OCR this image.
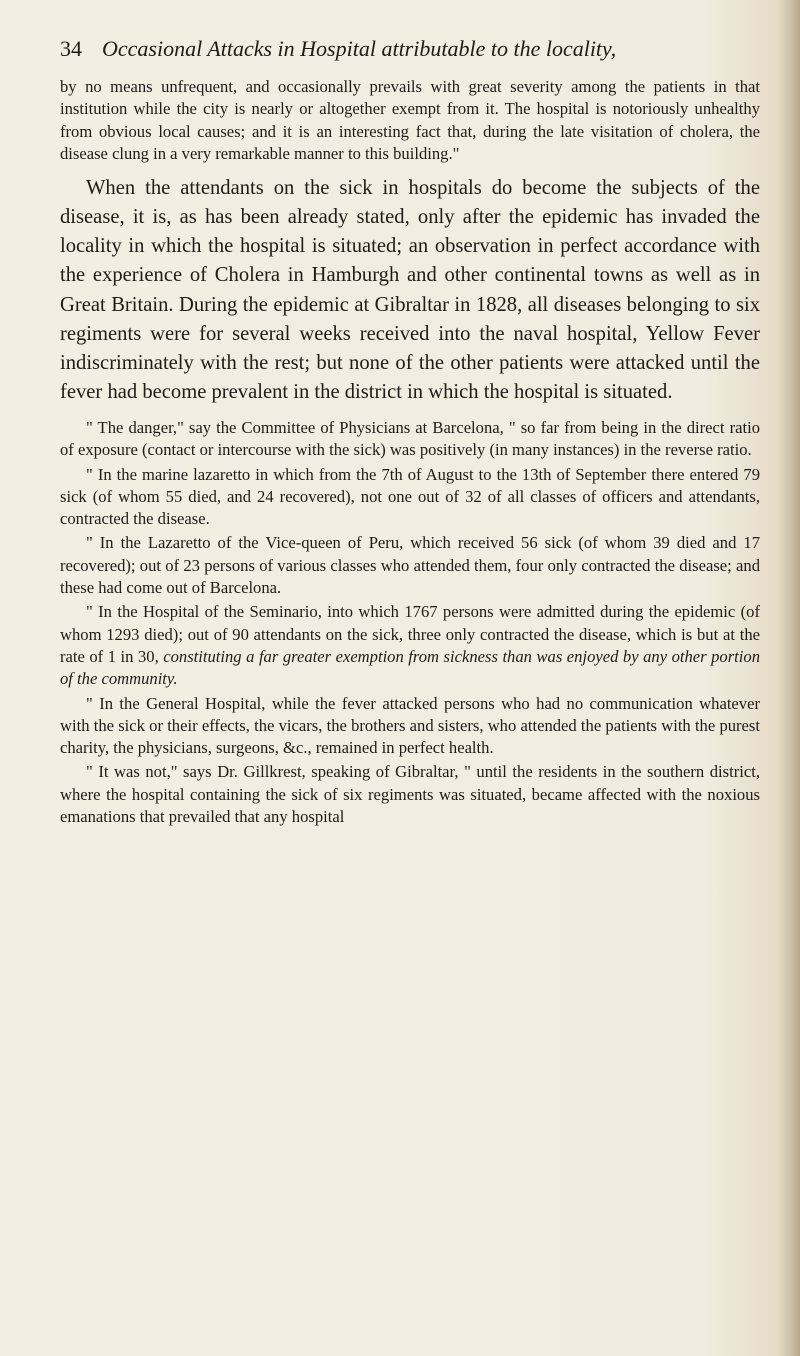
34 Occasional Attacks in Hospital attributable to the locality,

by no means unfrequent, and occasionally prevails with great severity among the patients in that institution while the city is nearly or altogether exempt from it. The hospital is notoriously unhealthy from obvious local causes; and it is an interesting fact that, during the late visitation of cholera, the disease clung in a very remarkable manner to this building."

When the attendants on the sick in hospitals do become the subjects of the disease, it is, as has been already stated, only after the epidemic has invaded the locality in which the hospital is situated; an observation in perfect accordance with the experience of Cholera in Hamburgh and other continental towns as well as in Great Britain. During the epidemic at Gibraltar in 1828, all diseases belonging to six regiments were for several weeks received into the naval hospital, Yellow Fever indiscriminately with the rest; but none of the other patients were attacked until the fever had become prevalent in the district in which the hospital is situated.

" The danger," say the Committee of Physicians at Barcelona, " so far from being in the direct ratio of exposure (contact or intercourse with the sick) was positively (in many instances) in the reverse ratio.

" In the marine lazaretto in which from the 7th of August to the 13th of September there entered 79 sick (of whom 55 died, and 24 recovered), not one out of 32 of all classes of officers and attendants, contracted the disease.

" In the Lazaretto of the Vice-queen of Peru, which received 56 sick (of whom 39 died and 17 recovered); out of 23 persons of various classes who attended them, four only contracted the disease; and these had come out of Barcelona.

" In the Hospital of the Seminario, into which 1767 persons were admitted during the epidemic (of whom 1293 died); out of 90 attendants on the sick, three only contracted the disease, which is but at the rate of 1 in 30, constituting a far greater exemption from sickness than was enjoyed by any other portion of the community.

" In the General Hospital, while the fever attacked persons who had no communication whatever with the sick or their effects, the vicars, the brothers and sisters, who attended the patients with the purest charity, the physicians, surgeons, &c., remained in perfect health.

" It was not," says Dr. Gillkrest, speaking of Gibraltar, " until the residents in the southern district, where the hospital containing the sick of six regiments was situated, became affected with the noxious emanations that prevailed that any hospital
